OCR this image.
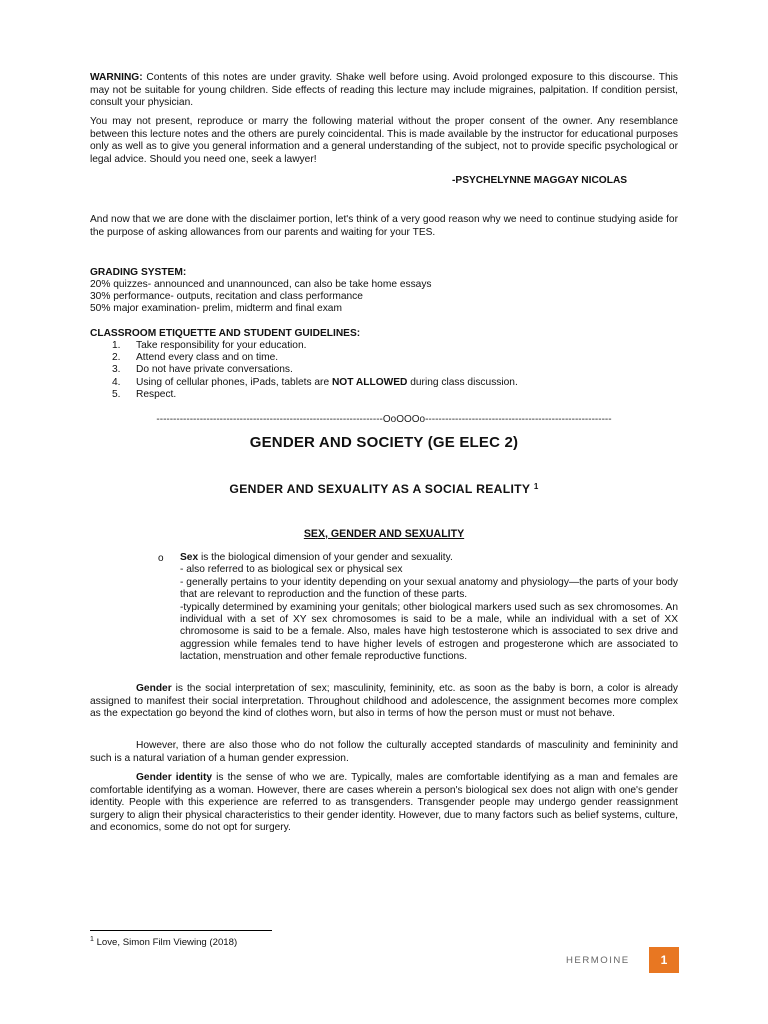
WARNING: Contents of this notes are under gravity. Shake well before using. Avoid prolonged exposure to this discourse. This may not be suitable for young children. Side effects of reading this lecture may include migraines, palpitation. If condition persist, consult your physician.

You may not present, reproduce or marry the following material without the proper consent of the owner. Any resemblance between this lecture notes and the others are purely coincidental. This is made available by the instructor for educational purposes only as well as to give you general information and a general understanding of the subject, not to provide specific psychological or legal advice. Should you need one, seek a lawyer!

-PSYCHELYNNE MAGGAY NICOLAS

And now that we are done with the disclaimer portion, let's think of a very good reason why we need to continue studying aside for the purpose of asking allowances from our parents and waiting for your TES.

GRADING SYSTEM:
20% quizzes- announced and unannounced, can also be take home essays
30% performance- outputs, recitation and class performance
50% major examination- prelim, midterm and final exam
CLASSROOM ETIQUETTE AND STUDENT GUIDELINES:
1. Take responsibility for your education.
2. Attend every class and on time.
3. Do not have private conversations.
4. Using of cellular phones, iPads, tablets are NOT ALLOWED during class discussion.
5. Respect.
--------------------------------------------------------------------OoOOOo--------------------------------------------------------
GENDER AND SOCIETY (GE ELEC 2)
GENDER AND SEXUALITY AS A SOCIAL REALITY $^1$
SEX, GENDER AND SEXUALITY
o Sex is the biological dimension of your gender and sexuality.
- also referred to as biological sex or physical sex
- generally pertains to your identity depending on your sexual anatomy and physiology—the parts of your body that are relevant to reproduction and the function of these parts.
-typically determined by examining your genitals; other biological markers used such as sex chromosomes. An individual with a set of XY sex chromosomes is said to be a male, while an individual with a set of XX chromosome is said to be a female. Also, males have high testosterone which is associated to sex drive and aggression while females tend to have higher levels of estrogen and progesterone which are associated to lactation, menstruation and other female reproductive functions.

Gender is the social interpretation of sex; masculinity, femininity, etc. as soon as the baby is born, a color is already assigned to manifest their social interpretation. Throughout childhood and adolescence, the assignment becomes more complex as the expectation go beyond the kind of clothes worn, but also in terms of how the person must or must not behave.

However, there are also those who do not follow the culturally accepted standards of masculinity and femininity and such is a natural variation of a human gender expression.

Gender identity is the sense of who we are. Typically, males are comfortable identifying as a man and females are comfortable identifying as a woman. However, there are cases wherein a person's biological sex does not align with one's gender identity. People with this experience are referred to as transgenders. Transgender people may undergo gender reassignment surgery to align their physical characteristics to their gender identity. However, due to many factors such as belief systems, culture, and economics, some do not opt for surgery.

$^1$ Love, Simon Film Viewing (2018)
HERMOINE	1
